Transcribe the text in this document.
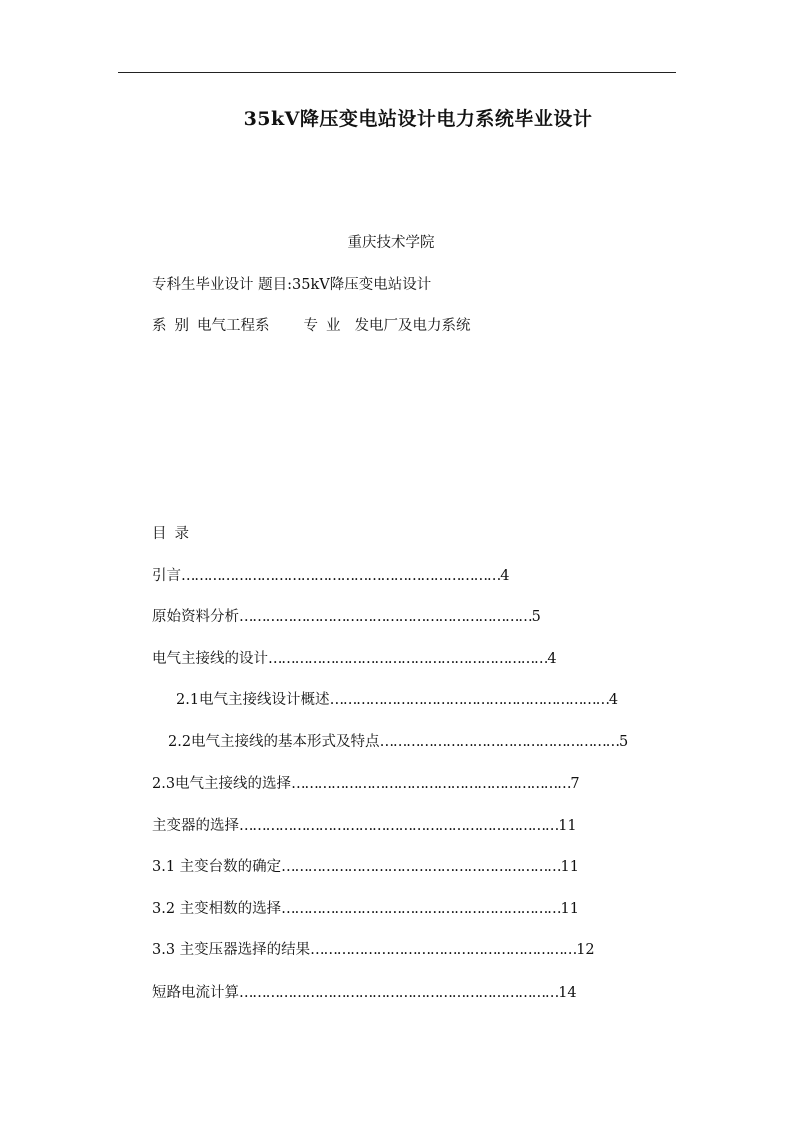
35kV降压变电站设计电力系统毕业设计
重庆技术学院
专科生毕业设计 题目:35kV降压变电站设计
系 别 电气工程系 专 业 发电厂及电力系统
目 录
引言………………………………………………………………4
原始资料分析…………………………………………………………5
电气主接线的设计………………………………………………………4
2.1电气主接线设计概述………………………………………………………4
2.2电气主接线的基本形式及特点………………………………………………5
2.3电气主接线的选择………………………………………………………7
主变器的选择………………………………………………………………11
3.1 主变台数的确定………………………………………………………11
3.2 主变相数的选择………………………………………………………11
3.3 主变压器选择的结果……………………………………………………12
短路电流计算………………………………………………………………14
